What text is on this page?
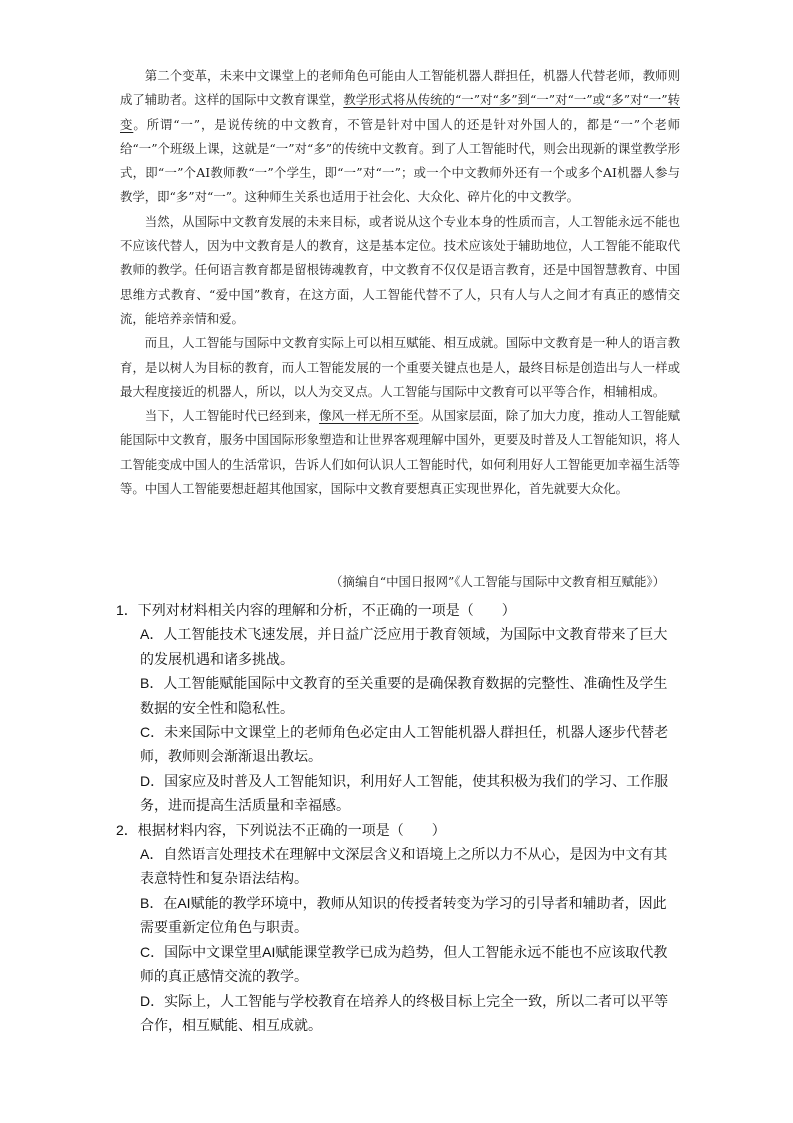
第二个变革，未来中文课堂上的老师角色可能由人工智能机器人群担任，机器人代替老师，教师则成了辅助者。这样的国际中文教育课堂，教学形式将从传统的“一”对“多”到“一”对“一”或“多”对“一”转变。所谓“一”，是说传统的中文教育，不管是针对中国人的还是针对外国人的，都是“一”个老师给“一”个班级上课，这就是“一”对“多”的传统中文教育。到了人工智能时代，则会出现新的课堂教学形式，即“一”个AI教师教“一”个学生，即“一”对“一”；或一个中文教师外还有一个或多个AI机器人参与教学，即“多”对“一”。这种师生关系也适用于社会化、大众化、碎片化的中文教学。

当然，从国际中文教育发展的未来目标，或者说从这个专业本身的性质而言，人工智能永远不能也不应该代替人，因为中文教育是人的教育，这是基本定位。技术应该处于辅助地位，人工智能不能取代教师的教学。任何语言教育都是留根铸魂教育，中文教育不仅仅是语言教育，还是中国智慧教育、中国思维方式教育、“爱中国”教育，在这方面，人工智能代替不了人，只有人与人之间才有真正的感情交流，能培养亲情和爱。

而且，人工智能与国际中文教育实际上可以相互赋能、相互成就。国际中文教育是一种人的语言教育，是以树人为目标的教育，而人工智能发展的一个重要关键点也是人，最终目标是创造出与人一样或最大程度接近的机器人，所以，以人为交叉点。人工智能与国际中文教育可以平等合作，相辅相成。

当下，人工智能时代已经到来，像风一样无所不至。从国家层面，除了加大力度，推动人工智能赋能国际中文教育，服务中国国际形象塑造和让世界客观理解中国外，更要及时普及人工智能知识，将人工智能变成中国人的生活常识，告诉人们如何认识人工智能时代，如何利用好人工智能更加幸福生活等等。中国人工智能要想赶超其他国家，国际中文教育要想真正实现世界化，首先就要大众化。

（摘编自“中国日报网”《人工智能与国际中文教育相互赋能》）

1．下列对材料相关内容的理解和分析，不正确的一项是（　　）

A．人工智能技术飞速发展，并日益广泛应用于教育领域，为国际中文教育带来了巨大的发展机遇和诸多挑战。

B．人工智能赋能国际中文教育的至关重要的是确保教育数据的完整性、准确性及学生数据的安全性和隐私性。

C．未来国际中文课堂上的老师角色必定由人工智能机器人群担任，机器人逐步代替老师，教师则会渐渐退出教坛。

D．国家应及时普及人工智能知识，利用好人工智能，使其积极为我们的学习、工作服务，进而提高生活质量和幸福感。

2．根据材料内容，下列说法不正确的一项是（　　）

A．自然语言处理技术在理解中文深层含义和语境上之所以力不从心，是因为中文有其表意特性和复杂语法结构。

B．在AI赋能的教学环境中，教师从知识的传授者转变为学习的引导者和辅助者，因此需要重新定位角色与职责。

C．国际中文课堂里AI赋能课堂教学已成为趋势，但人工智能永远不能也不应该取代教师的真正感情交流的教学。

D．实际上，人工智能与学校教育在培养人的终极目标上完全一致，所以二者可以平等合作，相互赋能、相互成就。
